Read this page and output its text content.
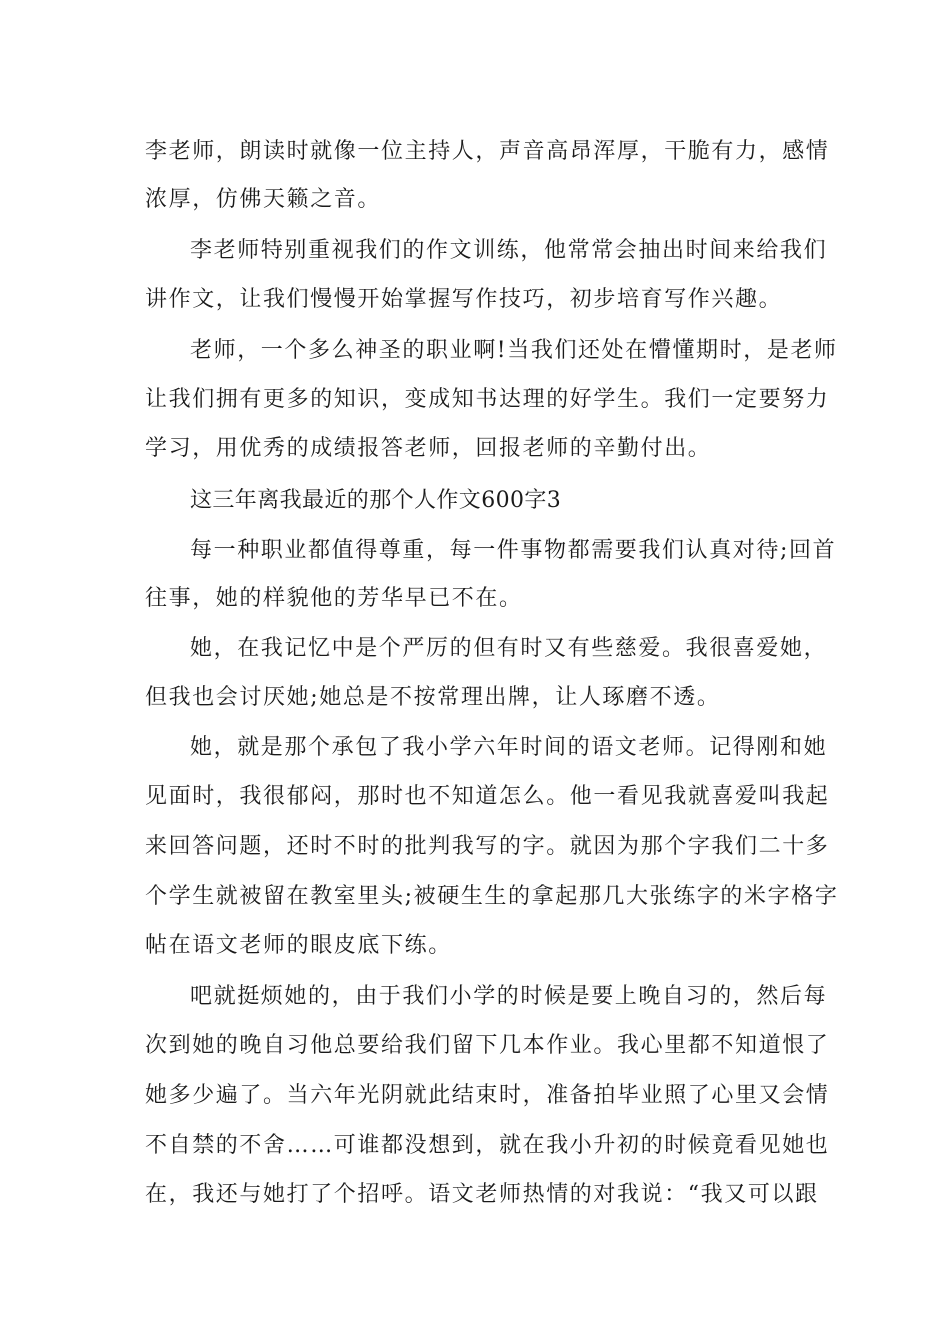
李老师，朗读时就像一位主持人，声音高昂浑厚，干脆有力，感情
浓厚，仿佛天籁之音。
李老师特别重视我们的作文训练，他常常会抽出时间来给我们
讲作文，让我们慢慢开始掌握写作技巧，初步培育写作兴趣。
老师，一个多么神圣的职业啊!当我们还处在懵懂期时，是老师
让我们拥有更多的知识，变成知书达理的好学生。我们一定要努力
学习，用优秀的成绩报答老师，回报老师的辛勤付出。
这三年离我最近的那个人作文600字3
每一种职业都值得尊重，每一件事物都需要我们认真对待;回首
往事，她的样貌他的芳华早已不在。
她，在我记忆中是个严厉的但有时又有些慈爱。我很喜爱她，
但我也会讨厌她;她总是不按常理出牌，让人琢磨不透。
她，就是那个承包了我小学六年时间的语文老师。记得刚和她
见面时，我很郁闷，那时也不知道怎么。他一看见我就喜爱叫我起
来回答问题，还时不时的批判我写的字。就因为那个字我们二十多
个学生就被留在教室里头;被硬生生的拿起那几大张练字的米字格字
帖在语文老师的眼皮底下练。
吧就挺烦她的，由于我们小学的时候是要上晚自习的，然后每
次到她的晚自习他总要给我们留下几本作业。我心里都不知道恨了
她多少遍了。当六年光阴就此结束时，准备拍毕业照了心里又会情
不自禁的不舍……可谁都没想到，就在我小升初的时候竟看见她也
在，我还与她打了个招呼。语文老师热情的对我说：“我又可以跟
